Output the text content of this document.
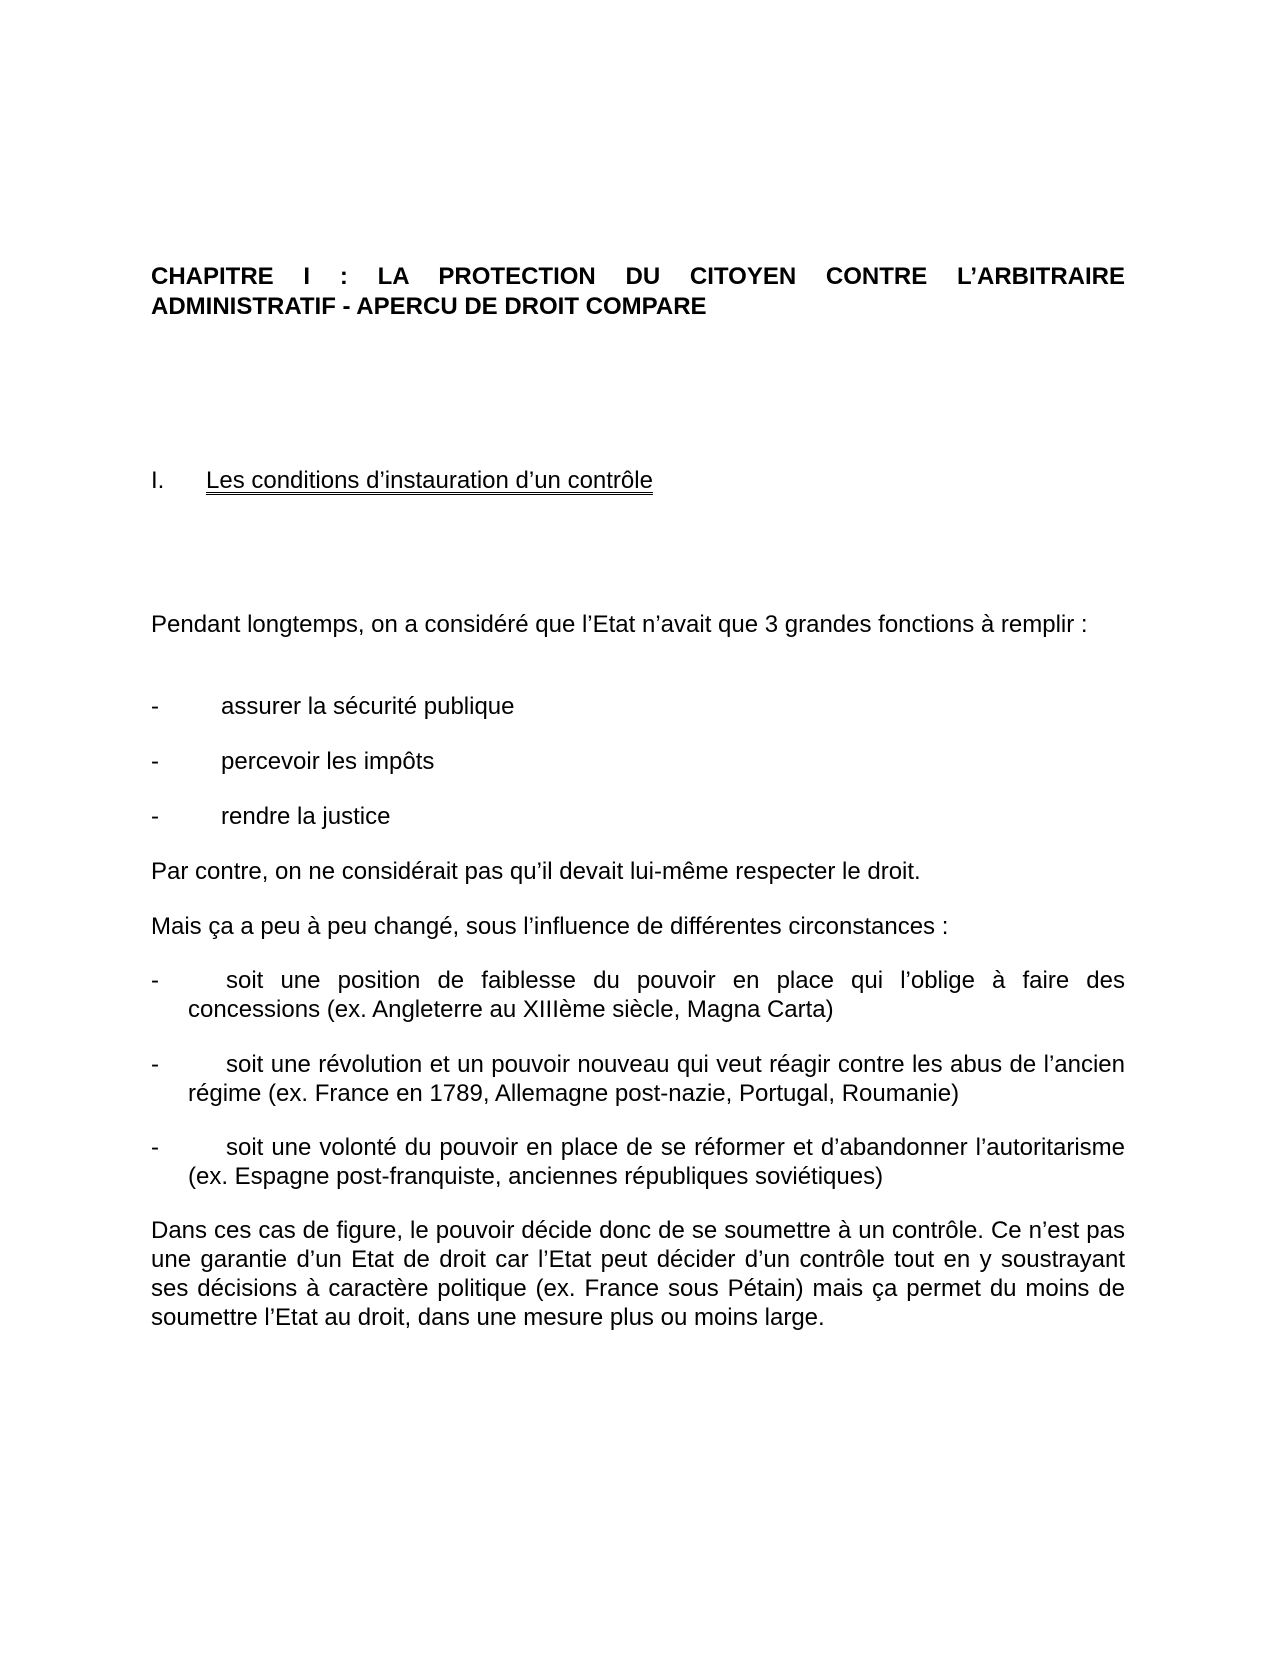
CHAPITRE I : LA PROTECTION DU CITOYEN CONTRE L’ARBITRAIRE ADMINISTRATIF - APERCU DE DROIT COMPARE
I. Les conditions d’instauration d’un contrôle

Pendant longtemps, on a considéré que l’Etat n’avait que 3 grandes fonctions à remplir :

-	assurer la sécurité publique
-	percevoir les impôts
-	rendre la justice

Par contre, on ne considérait pas qu’il devait lui-même respecter le droit.

Mais ça a peu à peu changé, sous l’influence de différentes circonstances :

-	soit une position de faiblesse du pouvoir en place qui l’oblige à faire des concessions (ex. Angleterre au XIIIème siècle, Magna Carta)
-	soit une révolution et un pouvoir nouveau qui veut réagir contre les abus de l’ancien régime (ex. France en 1789, Allemagne post-nazie, Portugal, Roumanie)
-	soit une volonté du pouvoir en place de se réformer et d’abandonner l’autoritarisme (ex. Espagne post-franquiste, anciennes républiques soviétiques)

Dans ces cas de figure, le pouvoir décide donc de se soumettre à un contrôle. Ce n’est pas une garantie d’un Etat de droit car l’Etat peut décider d’un contrôle tout en y soustrayant ses décisions à caractère politique (ex. France sous Pétain) mais ça permet du moins de soumettre l’Etat au droit, dans une mesure plus ou moins large.
